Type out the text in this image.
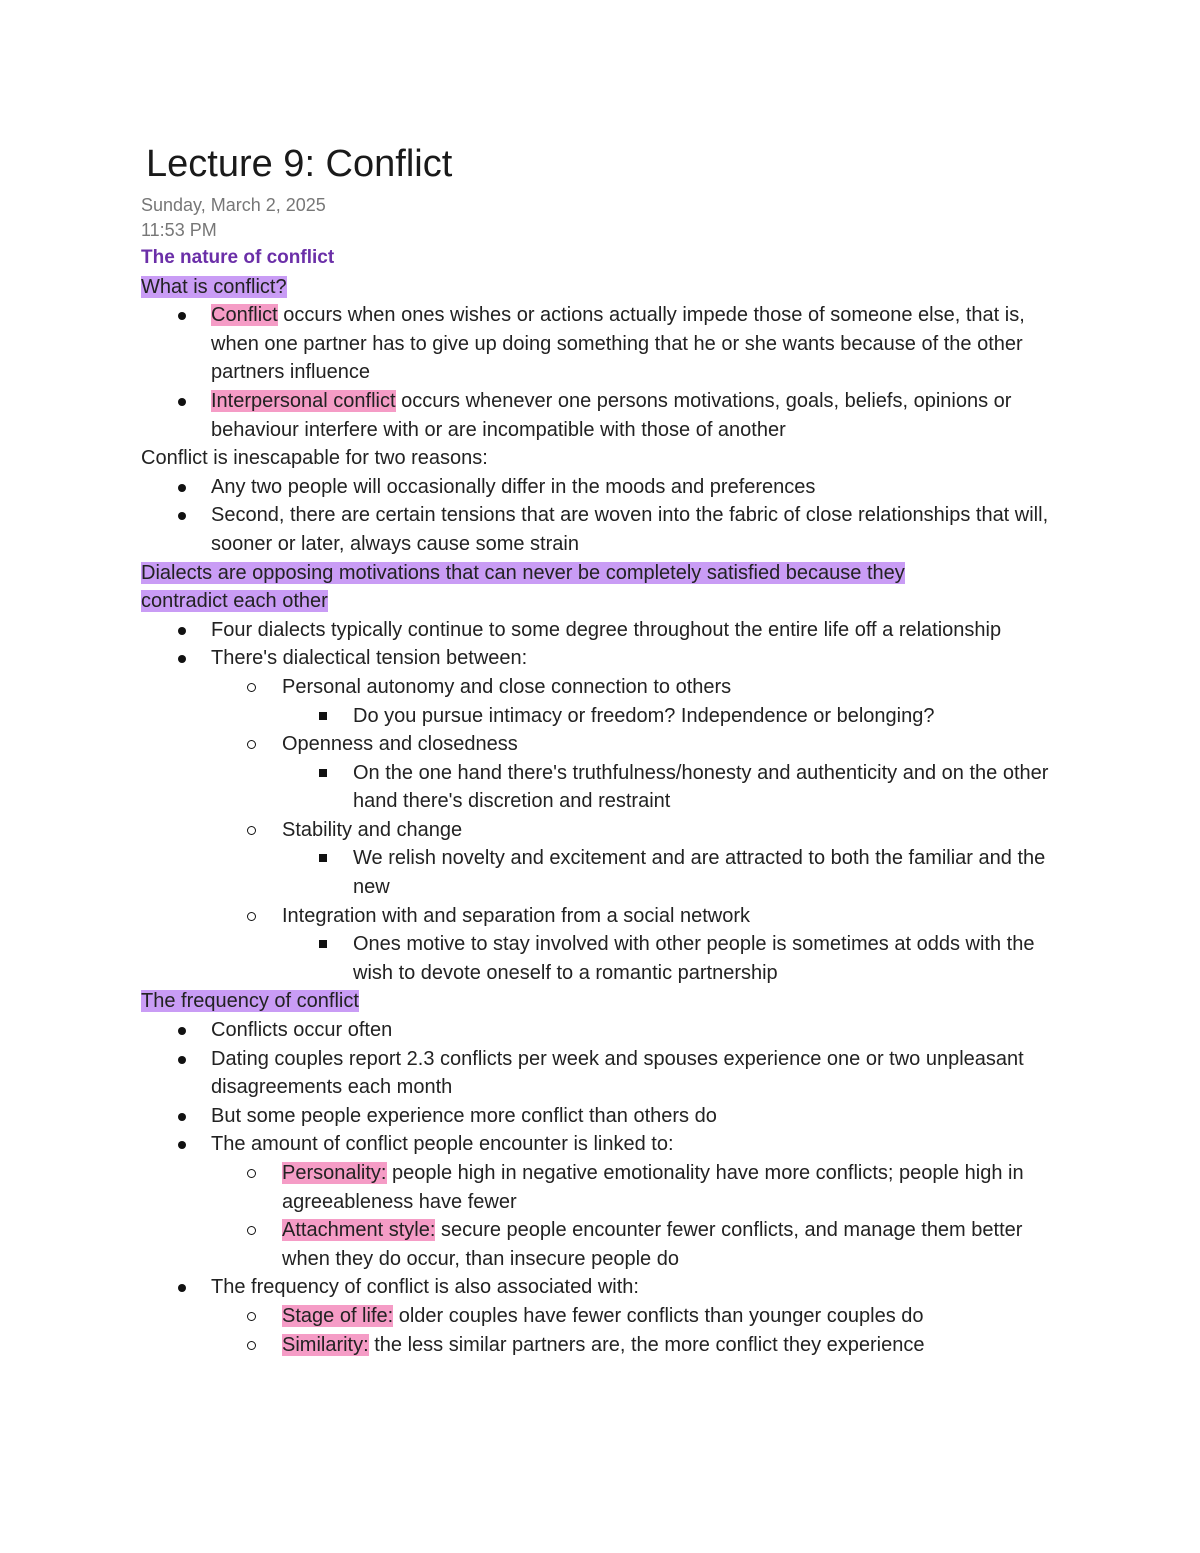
Lecture 9: Conflict
Sunday, March 2, 2025
11:53 PM
The nature of conflict
What is conflict?
Conflict occurs when ones wishes or actions actually impede those of someone else, that is, when one partner has to give up doing something that he or she wants because of the other partners influence
Interpersonal conflict occurs whenever one persons motivations, goals, beliefs, opinions or behaviour interfere with or are incompatible with those of another
Conflict is inescapable for two reasons:
Any two people will occasionally differ in the moods and preferences
Second, there are certain tensions that are woven into the fabric of close relationships that will, sooner or later, always cause some strain
Dialects are opposing motivations that can never be completely satisfied because they
contradict each other
Four dialects typically continue to some degree throughout the entire life off a relationship
There's dialectical tension between:
Personal autonomy and close connection to others
Do you pursue intimacy or freedom? Independence or belonging?
Openness and closedness
On the one hand there's truthfulness/honesty and authenticity and on the other hand there's discretion and restraint
Stability and change
We relish novelty and excitement and are attracted to both the familiar and the new
Integration with and separation from a social network
Ones motive to stay involved with other people is sometimes at odds with the wish to devote oneself to a romantic partnership
The frequency of conflict
Conflicts occur often
Dating couples report 2.3 conflicts per week and spouses experience one or two unpleasant disagreements each month
But some people experience more conflict than others do
The amount of conflict people encounter is linked to:
Personality: people high in negative emotionality have more conflicts; people high in agreeableness have fewer
Attachment style: secure people encounter fewer conflicts, and manage them better when they do occur, than insecure people do
The frequency of conflict is also associated with:
Stage of life: older couples have fewer conflicts than younger couples do
Similarity: the less similar partners are, the more conflict they experience
